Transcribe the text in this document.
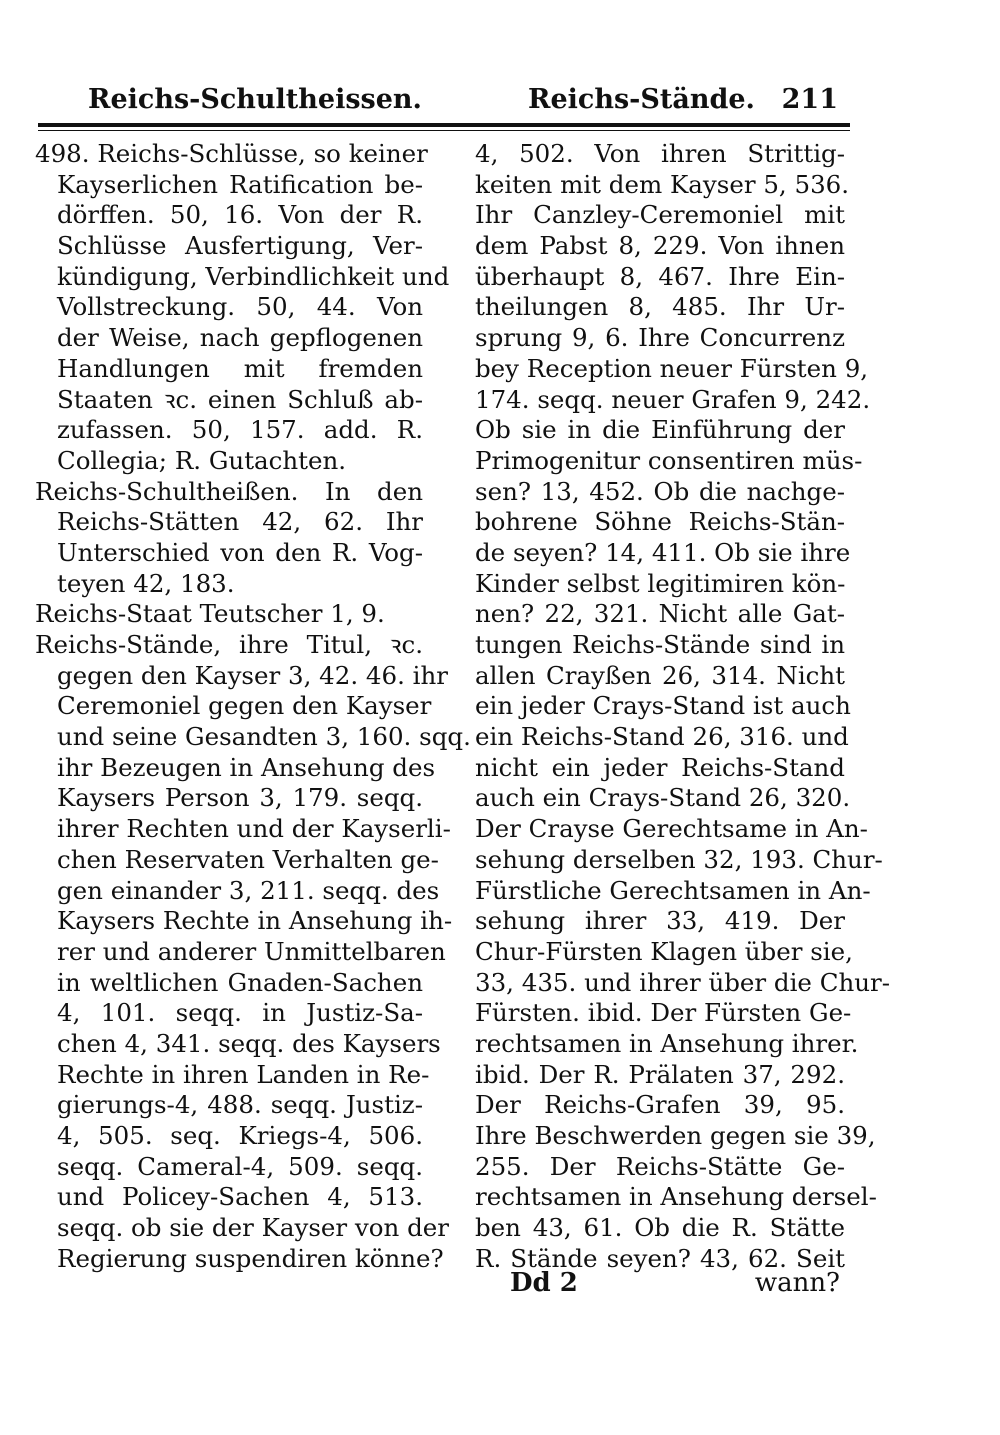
Reichs-Schultheissen.	Reichs-Stände. 211
498. Reichs-Schlüsse, so keiner
Kayserlichen Ratification be-
dörffen. 50, 16. Von der R.
Schlüsse Ausfertigung, Ver-
kündigung, Verbindlichkeit und
Vollstreckung. 50, 44. Von
der Weise, nach gepflogenen
Handlungen mit fremden
Staaten ꝛc. einen Schluß ab-
zufassen. 50, 157. add. R.
Collegia; R. Gutachten.
Reichs-Schultheißen. In den
Reichs-Stätten 42, 62. Ihr
Unterschied von den R. Vog-
teyen 42, 183.
Reichs-Staat Teutscher 1, 9.
Reichs-Stände, ihre Titul, ꝛc.
gegen den Kayser 3, 42. 46. ihr
Ceremoniel gegen den Kayser
und seine Gesandten 3, 160. sqq.
ihr Bezeugen in Ansehung des
Kaysers Person 3, 179. seqq.
ihrer Rechten und der Kayserli-
chen Reservaten Verhalten ge-
gen einander 3, 211. seqq. des
Kaysers Rechte in Ansehung ih-
rer und anderer Unmittelbaren
in weltlichen Gnaden-Sachen
4, 101. seqq. in Justiz-Sa-
chen 4, 341. seqq. des Kaysers
Rechte in ihren Landen in Re-
gierungs-4, 488. seqq. Justiz-
4, 505. seq. Kriegs-4, 506.
seqq. Cameral-4, 509. seqq.
und Policey-Sachen 4, 513.
seqq. ob sie der Kayser von der
Regierung suspendiren könne?
4, 502. Von ihren Strittig-
keiten mit dem Kayser 5, 536.
Ihr Canzley-Ceremoniel mit
dem Pabst 8, 229. Von ihnen
überhaupt 8, 467. Ihre Ein-
theilungen 8, 485. Ihr Ur-
sprung 9, 6. Ihre Concurrenz
bey Reception neuer Fürsten 9,
174. seqq. neuer Grafen 9, 242.
Ob sie in die Einführung der
Primogenitur consentiren müs-
sen? 13, 452. Ob die nachge-
bohrene Söhne Reichs-Stän-
de seyen? 14, 411. Ob sie ihre
Kinder selbst legitimiren kön-
nen? 22, 321. Nicht alle Gat-
tungen Reichs-Stände sind in
allen Crayßen 26, 314. Nicht
ein jeder Crays-Stand ist auch
ein Reichs-Stand 26, 316. und
nicht ein jeder Reichs-Stand
auch ein Crays-Stand 26, 320.
Der Crayse Gerechtsame in An-
sehung derselben 32, 193. Chur-
Fürstliche Gerechtsamen in An-
sehung ihrer 33, 419. Der
Chur-Fürsten Klagen über sie,
33, 435. und ihrer über die Chur-
Fürsten. ibid. Der Fürsten Ge-
rechtsamen in Ansehung ihrer.
ibid. Der R. Prälaten 37, 292.
Der Reichs-Grafen 39, 95.
Ihre Beschwerden gegen sie 39,
255. Der Reichs-Stätte Ge-
rechtsamen in Ansehung dersel-
ben 43, 61. Ob die R. Stätte
R. Stände seyen? 43, 62. Seit
Dd 2	wann?
